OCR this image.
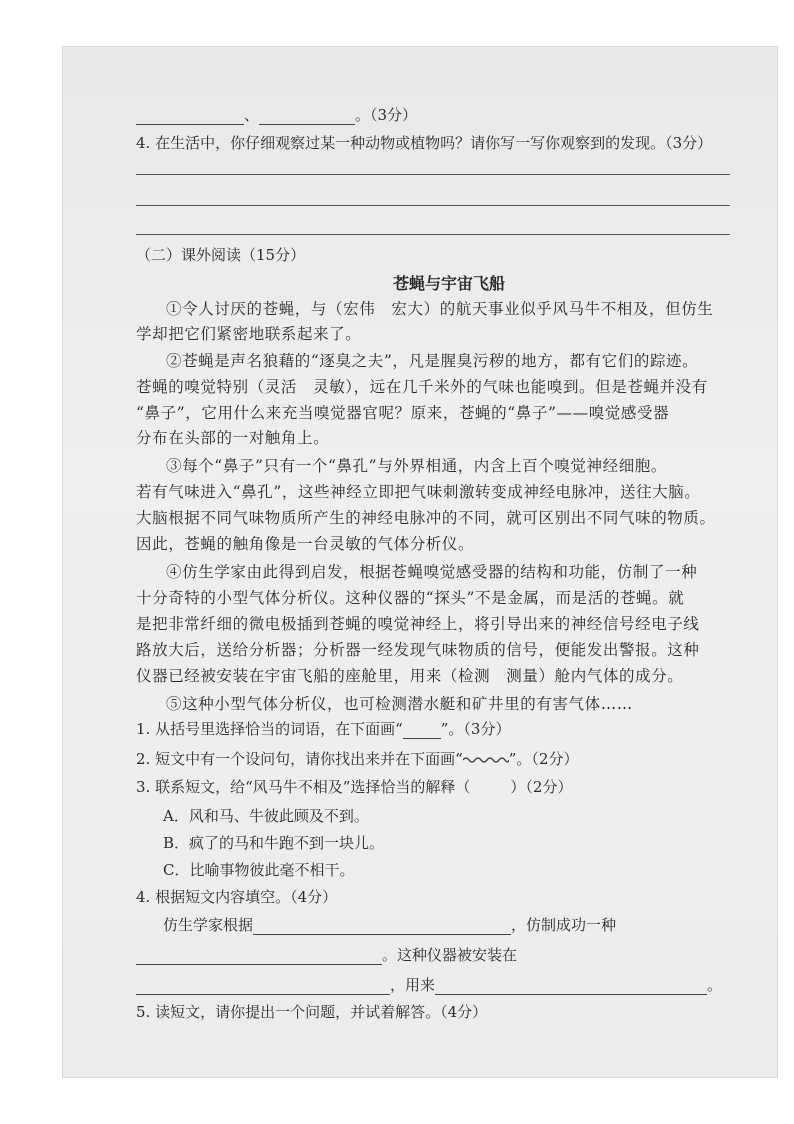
、	。（3分）
4. 在生活中，你仔细观察过某一种动物或植物吗？请你写一写你观察到的发现。（3分）
（二）课外阅读（15分）
苍蝇与宇宙飞船
①令人讨厌的苍蝇，与（宏伟　宏大）的航天事业似乎风马牛不相及，但仿生
学却把它们紧密地联系起来了。
②苍蝇是声名狼藉的“逐臭之夫”，凡是腥臭污秽的地方，都有它们的踪迹。
苍蝇的嗅觉特别（灵活　灵敏），远在几千米外的气味也能嗅到。但是苍蝇并没有
“鼻子”，它用什么来充当嗅觉器官呢？原来，苍蝇的“鼻子”——嗅觉感受器
分布在头部的一对触角上。
③每个“鼻子”只有一个“鼻孔”与外界相通，内含上百个嗅觉神经细胞。
若有气味进入“鼻孔”，这些神经立即把气味刺激转变成神经电脉冲，送往大脑。
大脑根据不同气味物质所产生的神经电脉冲的不同，就可区别出不同气味的物质。
因此，苍蝇的触角像是一台灵敏的气体分析仪。
④仿生学家由此得到启发，根据苍蝇嗅觉感受器的结构和功能，仿制了一种
十分奇特的小型气体分析仪。这种仪器的“探头”不是金属，而是活的苍蝇。就
是把非常纤细的微电极插到苍蝇的嗅觉神经上，将引导出来的神经信号经电子线
路放大后，送给分析器；分析器一经发现气味物质的信号，便能发出警报。这种
仪器已经被安装在宇宙飞船的座舱里，用来（检测　测量）舱内气体的成分。
⑤这种小型气体分析仪，也可检测潜水艇和矿井里的有害气体……
1. 从括号里选择恰当的词语，在下面画“	”。（3分）
2. 短文中有一个设问句，请你找出来并在下面画“	”。（2分）
3. 联系短文，给“风马牛不相及”选择恰当的解释（	）（2分）
A．风和马、牛彼此顾及不到。
B．疯了的马和牛跑不到一块儿。
C．比喻事物彼此毫不相干。
4. 根据短文内容填空。（4分）
仿生学家根据	，仿制成功一种
。这种仪器被安装在
，用来	。
5. 读短文，请你提出一个问题，并试着解答。（4分）
